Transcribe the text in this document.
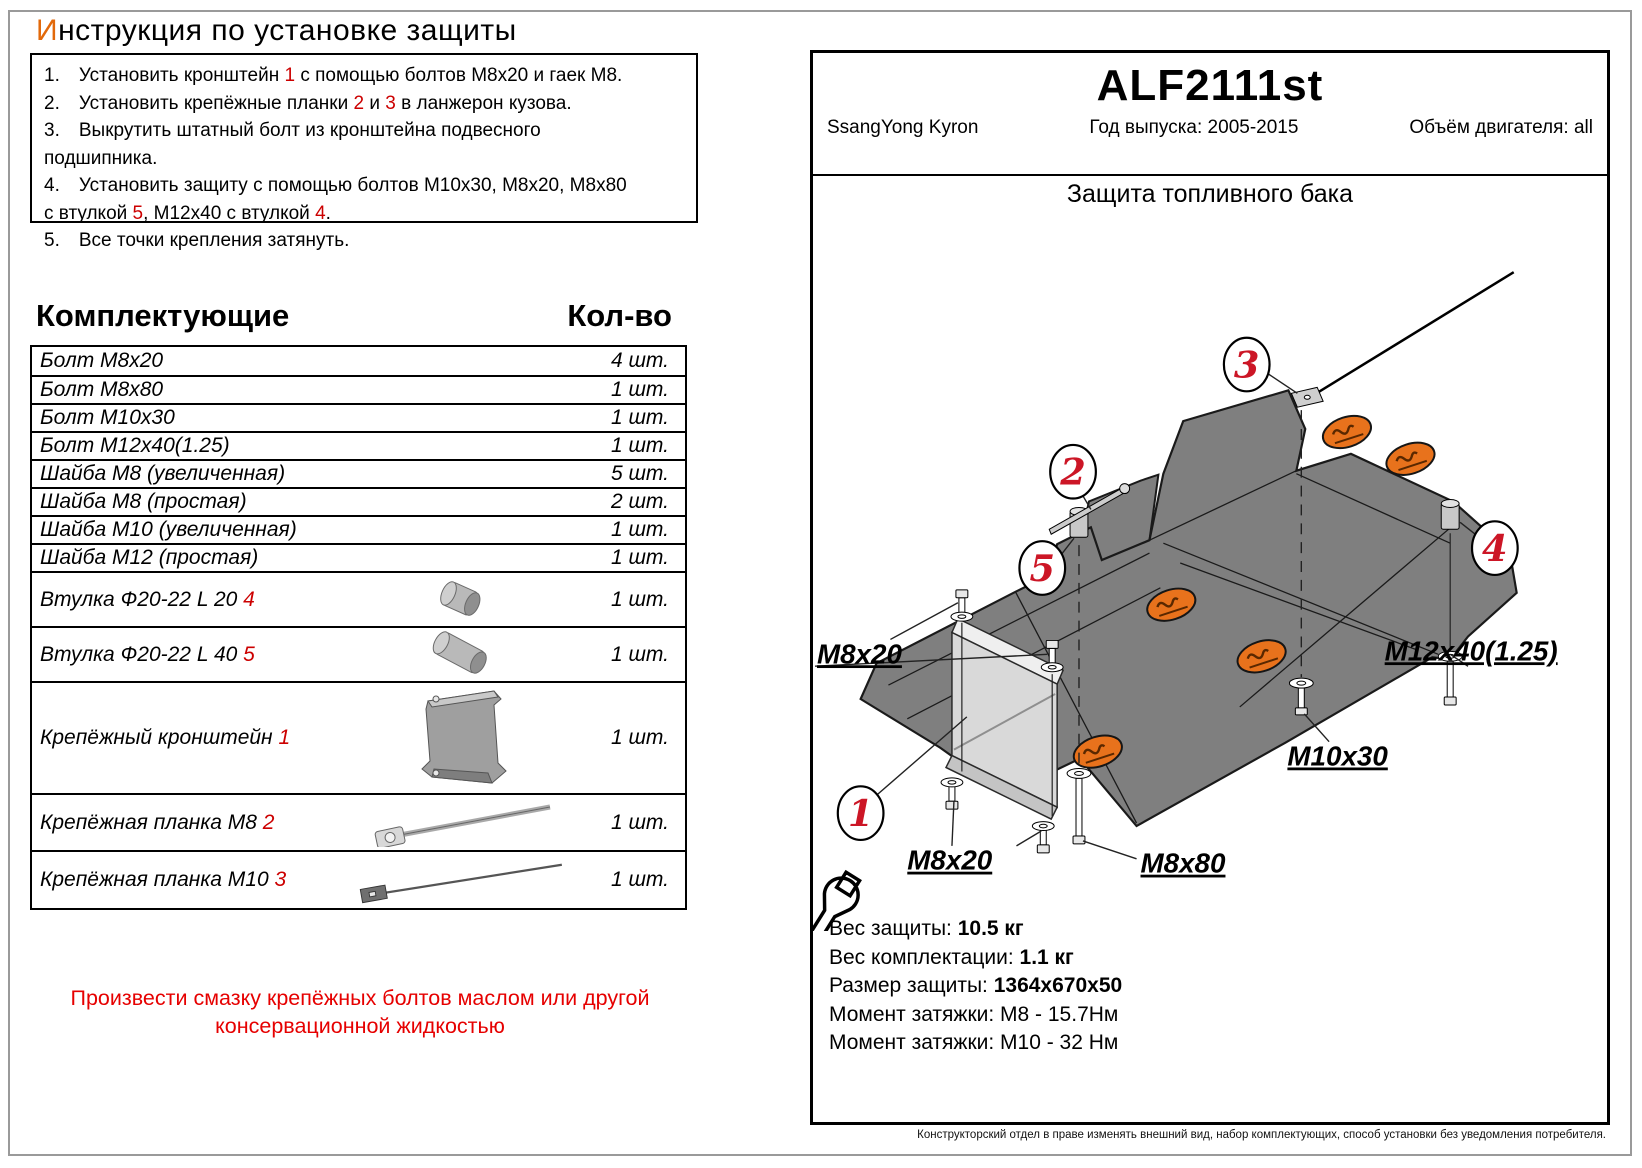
Инструкция по установке защиты
1.  Установить кронштейн 1 с помощью болтов М8х20 и гаек М8.
2.  Установить крепёжные планки 2 и 3 в ланжерон кузова.
3.  Выкрутить штатный болт из кронштейна подвесного подшипника.
4.  Установить защиту с помощью болтов М10х30, М8х20, М8х80 с втулкой 5, М12х40 с втулкой 4.
5.  Все точки крепления затянуть.
Комплектующие	Кол-во
Болт М8х20	4 шт.
Болт М8х80	1 шт.
Болт М10х30	1 шт.
Болт М12х40(1.25)	1 шт.
Шайба М8 (увеличенная)	5 шт.
Шайба М8 (простая)	2 шт.
Шайба М10 (увеличенная)	1 шт.
Шайба М12 (простая)	1 шт.
Втулка Ф20-22 L 20 4	1 шт.
Втулка Ф20-22 L 40 5	1 шт.
Крепёжный кронштейн 1	1 шт.
Крепёжная планка М8 2	1 шт.
Крепёжная планка М10 3	1 шт.
Произвести смазку крепёжных болтов маслом или другой консервационной жидкостью
ALF2111st
SsangYong Kyron	Год выпуска: 2005-2015	Объём двигателя: all
Защита топливного бака
M8x20
M8x20	M8x80
M10x30
M12x40(1.25)
1
2
3
4
5
Вес защиты: 10.5 кг
Вес комплектации: 1.1 кг
Размер защиты: 1364х670х50
Момент затяжки: М8 - 15.7Нм
Момент затяжки: М10 - 32 Нм
Конструкторский отдел в праве изменять внешний вид, набор комплектующих, способ установки без уведомления потребителя.
